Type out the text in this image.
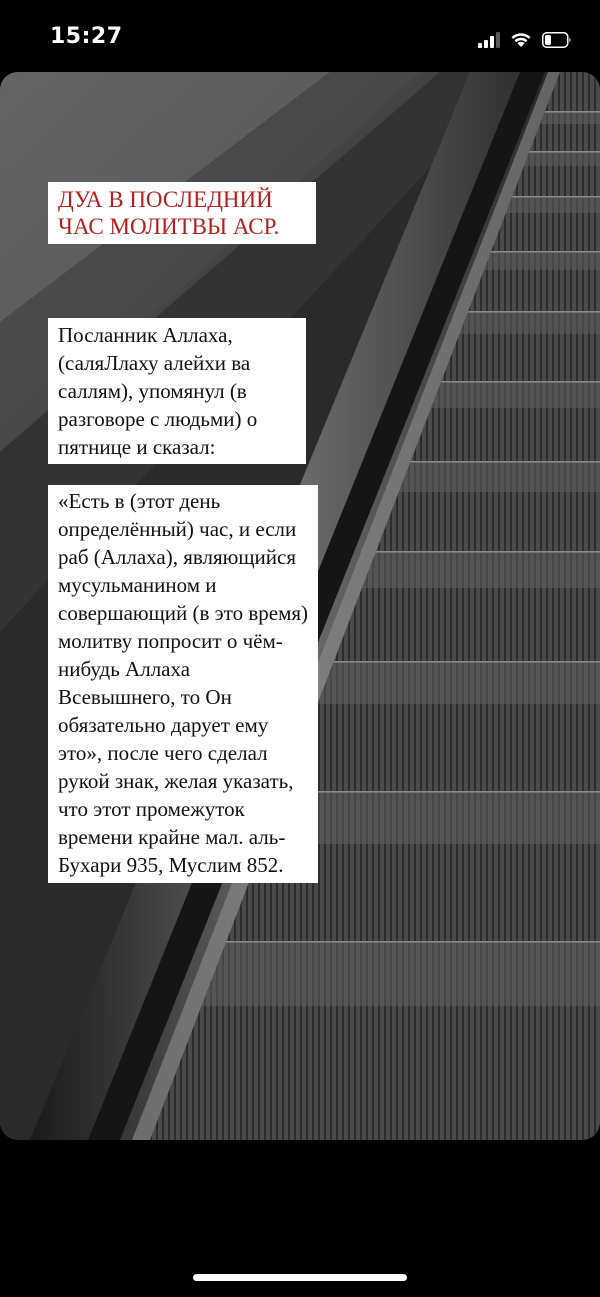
15:27
ДУА В ПОСЛЕДНИЙ ЧАС МОЛИТВЫ АСР.
Посланник Аллаха, (саляЛлаху алейхи ва саллям), упомянул (в разговоре с людьми) о пятнице и сказал:
«Есть в (этот день определённый) час, и если раб (Аллаха), являющийся мусульманином и совершающий (в это время) молитву попросит о чём-нибудь Аллаха Всевышнего, то Он обязательно дарует ему это», после чего сделал рукой знак, желая указать, что этот промежуток времени крайне мал. аль-Бухари 935, Муслим 852.
